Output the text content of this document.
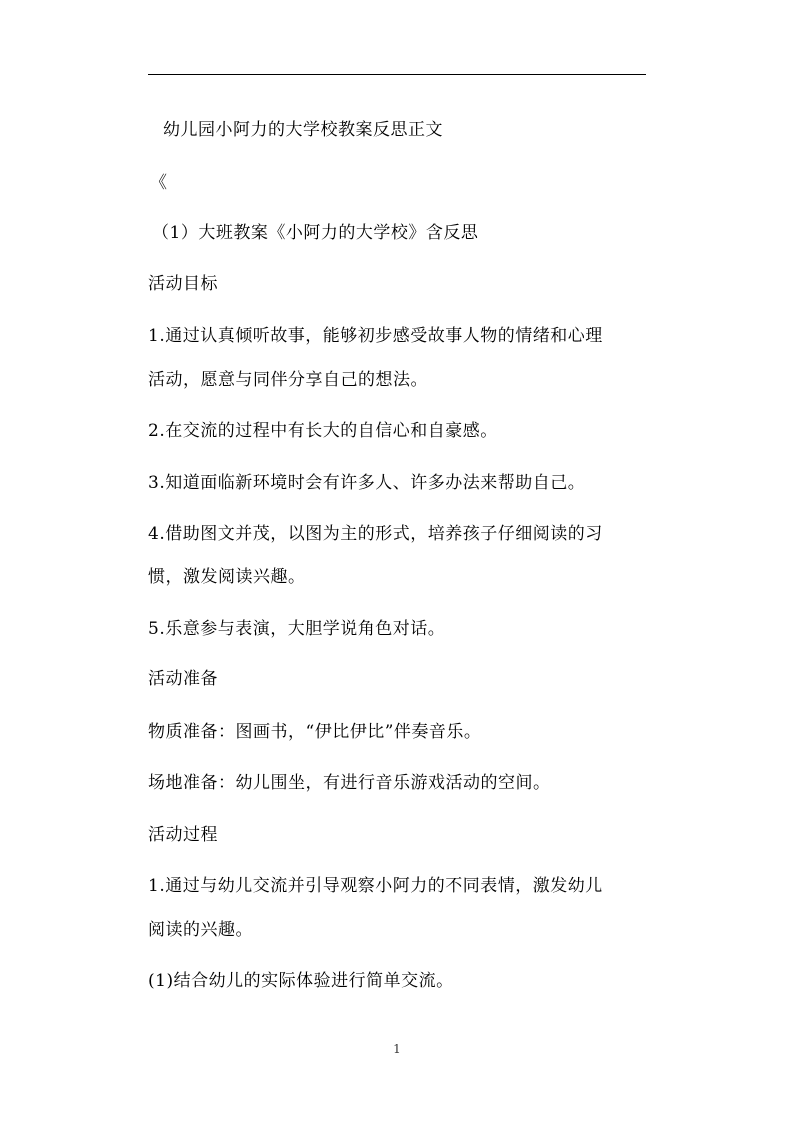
幼儿园小阿力的大学校教案反思正文
《
（1）大班教案《小阿力的大学校》含反思
活动目标
1.通过认真倾听故事，能够初步感受故事人物的情绪和心理
活动，愿意与同伴分享自己的想法。
2.在交流的过程中有长大的自信心和自豪感。
3.知道面临新环境时会有许多人、许多办法来帮助自己。
4.借助图文并茂，以图为主的形式，培养孩子仔细阅读的习
惯，激发阅读兴趣。
5.乐意参与表演，大胆学说角色对话。
活动准备
物质准备：图画书，“伊比伊比”伴奏音乐。
场地准备：幼儿围坐，有进行音乐游戏活动的空间。
活动过程
1.通过与幼儿交流并引导观察小阿力的不同表情，激发幼儿
阅读的兴趣。
(1)结合幼儿的实际体验进行简单交流。
1
